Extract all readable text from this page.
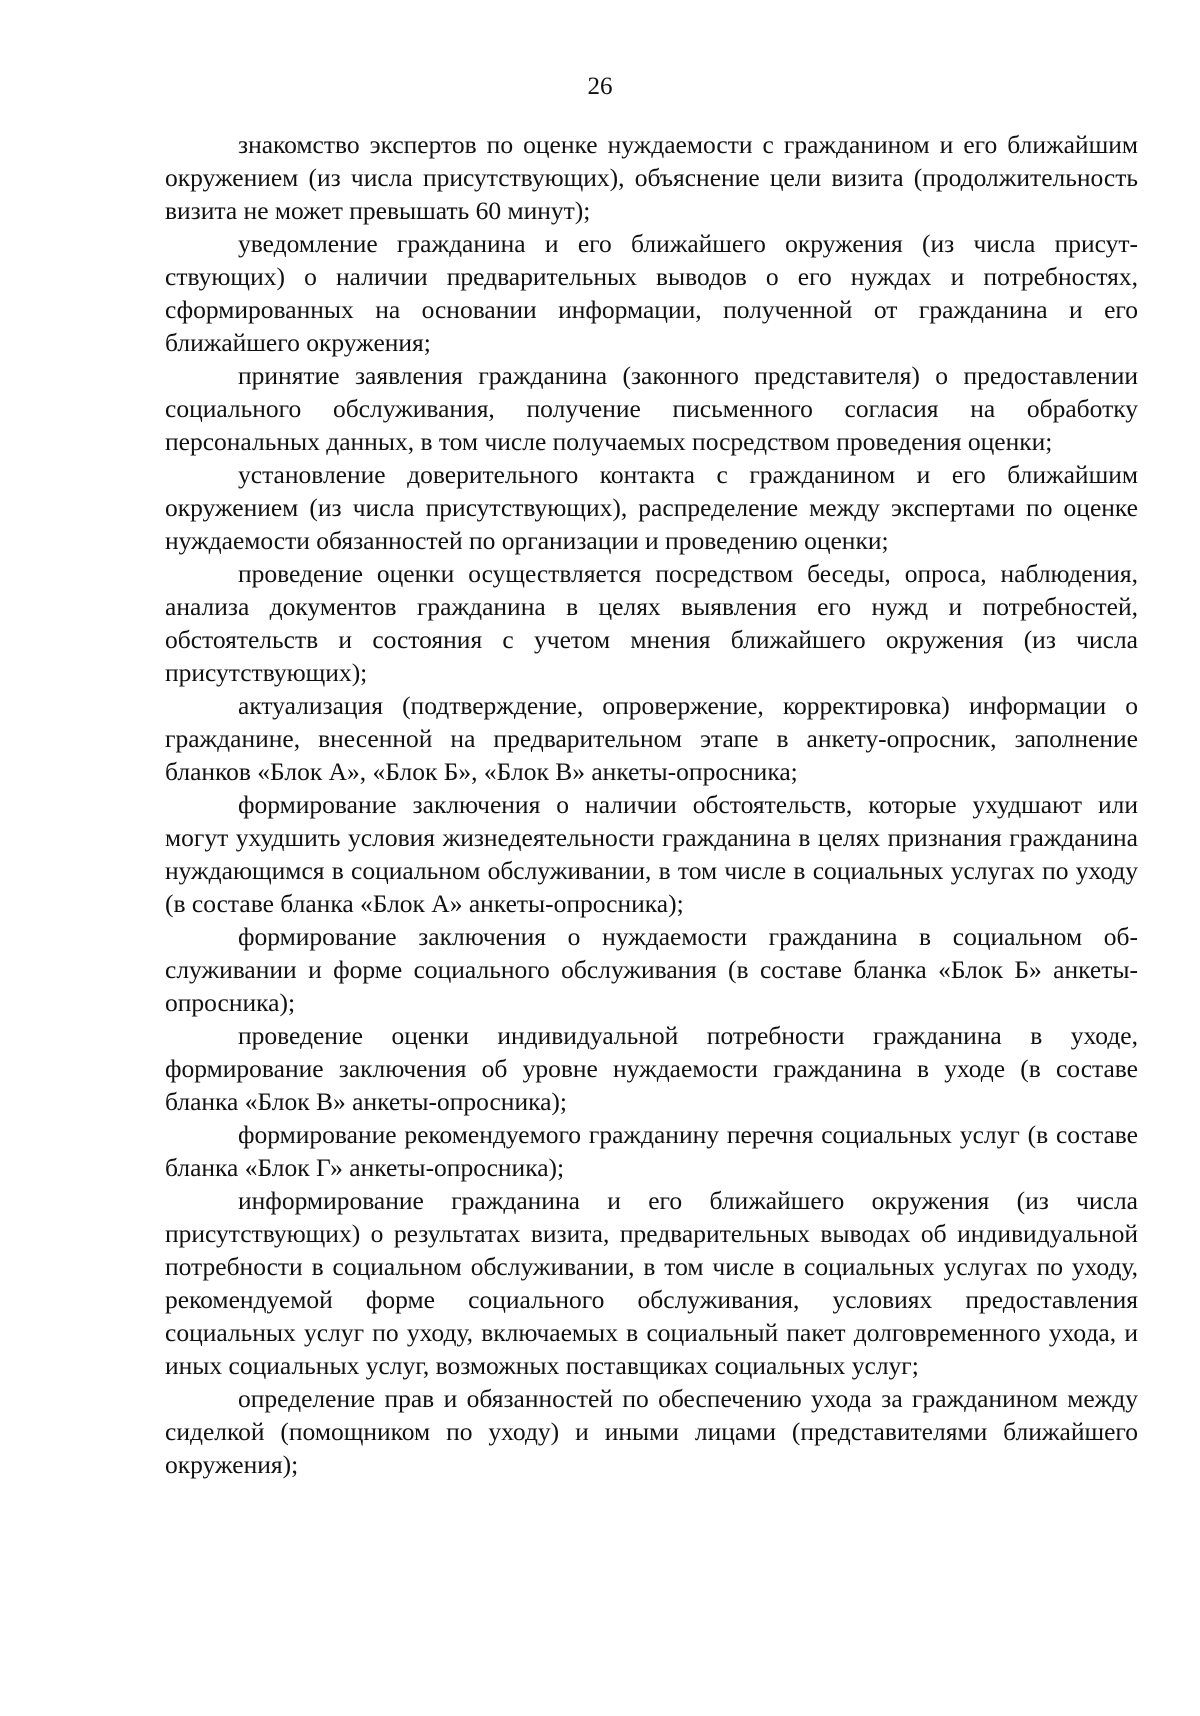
26

знакомство экспертов по оценке нуждаемости с гражданином и его ближайшим окружением (из числа присутствующих), объяснение цели визита (продолжительность визита не может превышать 60 минут);

уведомление гражданина и его ближайшего окружения (из числа присутствующих) о наличии предварительных выводов о его нуждах и потребностях, сформированных на основании информации, полученной от гражданина и его ближайшего окружения;

принятие заявления гражданина (законного представителя) о предоставлении социального обслуживания, получение письменного согласия на обработку персональных данных, в том числе получаемых посредством проведения оценки;

установление доверительного контакта с гражданином и его ближайшим окружением (из числа присутствующих), распределение между экспертами по оценке нуждаемости обязанностей по организации и проведению оценки;

проведение оценки осуществляется посредством беседы, опроса, наблюдения, анализа документов гражданина в целях выявления его нужд и потребностей, обстоятельств и состояния с учетом мнения ближайшего окружения (из числа присутствующих);

актуализация (подтверждение, опровержение, корректировка) информации о гражданине, внесенной на предварительном этапе в анкету-опросник, заполнение бланков «Блок А», «Блок Б», «Блок В» анкеты-опросника;

формирование заключения о наличии обстоятельств, которые ухудшают или могут ухудшить условия жизнедеятельности гражданина в целях признания гражданина нуждающимся в социальном обслуживании, в том числе в социальных услугах по уходу (в составе бланка «Блок А» анкеты-опросника);

формирование заключения о нуждаемости гражданина в социальном обслуживании и форме социального обслуживания (в составе бланка «Блок Б» анкеты-опросника);

проведение оценки индивидуальной потребности гражданина в уходе, формирование заключения об уровне нуждаемости гражданина в уходе (в составе бланка «Блок В» анкеты-опросника);

формирование рекомендуемого гражданину перечня социальных услуг (в составе бланка «Блок Г» анкеты-опросника);

информирование гражданина и его ближайшего окружения (из числа присутствующих) о результатах визита, предварительных выводах об индивидуальной потребности в социальном обслуживании, в том числе в социальных услугах по уходу, рекомендуемой форме социального обслуживания, условиях предоставления социальных услуг по уходу, включаемых в социальный пакет долговременного ухода, и иных социальных услуг, возможных поставщиках социальных услуг;

определение прав и обязанностей по обеспечению ухода за гражданином между сиделкой (помощником по уходу) и иными лицами (представителями ближайшего окружения);
